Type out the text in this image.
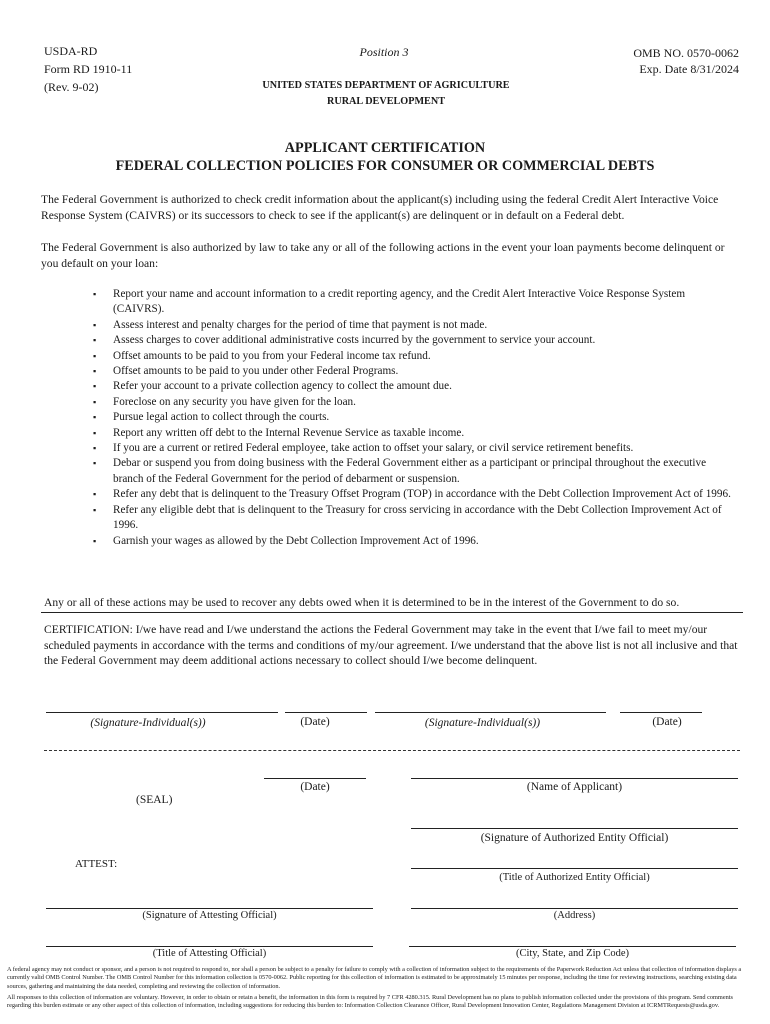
USDA-RD
Form RD 1910-11
(Rev. 9-02)
Position 3
UNITED STATES DEPARTMENT OF AGRICULTURE
RURAL DEVELOPMENT
OMB NO. 0570-0062
Exp. Date 8/31/2024
APPLICANT CERTIFICATION
FEDERAL COLLECTION POLICIES FOR CONSUMER OR COMMERCIAL DEBTS
The Federal Government is authorized to check credit information about the applicant(s) including using the federal Credit Alert Interactive Voice Response System (CAIVRS) or its successors to check to see if the applicant(s) are delinquent or in default on a Federal debt.
The Federal Government is also authorized by law to take any or all of the following actions in the event your loan payments become delinquent or you default on your loan:
▪ Report your name and account information to a credit reporting agency, and the Credit Alert Interactive Voice Response System (CAIVRS).
▪ Assess interest and penalty charges for the period of time that payment is not made.
▪ Assess charges to cover additional administrative costs incurred by the government to service your account.
▪ Offset amounts to be paid to you from your Federal income tax refund.
▪ Offset amounts to be paid to you under other Federal Programs.
▪ Refer your account to a private collection agency to collect the amount due.
▪ Foreclose on any security you have given for the loan.
▪ Pursue legal action to collect through the courts.
▪ Report any written off debt to the Internal Revenue Service as taxable income.
▪ If you are a current or retired Federal employee, take action to offset your salary, or civil service retirement benefits.
▪ Debar or suspend you from doing business with the Federal Government either as a participant or principal throughout the executive branch of the Federal Government for the period of debarment or suspension.
▪ Refer any debt that is delinquent to the Treasury Offset Program (TOP) in accordance with the Debt Collection Improvement Act of 1996.
▪ Refer any eligible debt that is delinquent to the Treasury for cross servicing in accordance with the Debt Collection Improvement Act of 1996.
▪ Garnish your wages as allowed by the Debt Collection Improvement Act of 1996.
Any or all of these actions may be used to recover any debts owed when it is determined to be in the interest of the Government to do so.
CERTIFICATION: I/we have read and I/we understand the actions the Federal Government may take in the event that I/we fail to meet my/our scheduled payments in accordance with the terms and conditions of my/our agreement. I/we understand that the above list is not all inclusive and that the Federal Government may deem additional actions necessary to collect should I/we become delinquent.
(Signature-Individual(s))	(Date)	(Signature-Individual(s))	(Date)
(Date)	(Name of Applicant)
(SEAL)
(Signature of Authorized Entity Official)
ATTEST:
(Title of Authorized Entity Official)
(Signature of Attesting Official)	(Address)
(Title of Attesting Official)	(City, State, and Zip Code)
A federal agency may not conduct or sponsor, and a person is not required to respond to, nor shall a person be subject to a penalty for failure to comply with a collection of information subject to the requirements of the Paperwork Reduction Act unless that collection of information displays a currently valid OMB Control Number. The OMB Control Number for this information collection is 0570-0062. Public reporting for this collection of information is estimated to be approximately 15 minutes per response, including the time for reviewing instructions, searching existing data sources, gathering and maintaining the data needed, completing and reviewing the collection of information.
All responses to this collection of information are voluntary. However, in order to obtain or retain a benefit, the information in this form is required by 7 CFR 4280.315. Rural Development has no plans to publish information collected under the provisions of this program. Send comments regarding this burden estimate or any other aspect of this collection of information, including suggestions for reducing this burden to: Information Collection Clearance Officer, Rural Development Innovation Center, Regulations Management Division at ICRMTRequests@usda.gov.
